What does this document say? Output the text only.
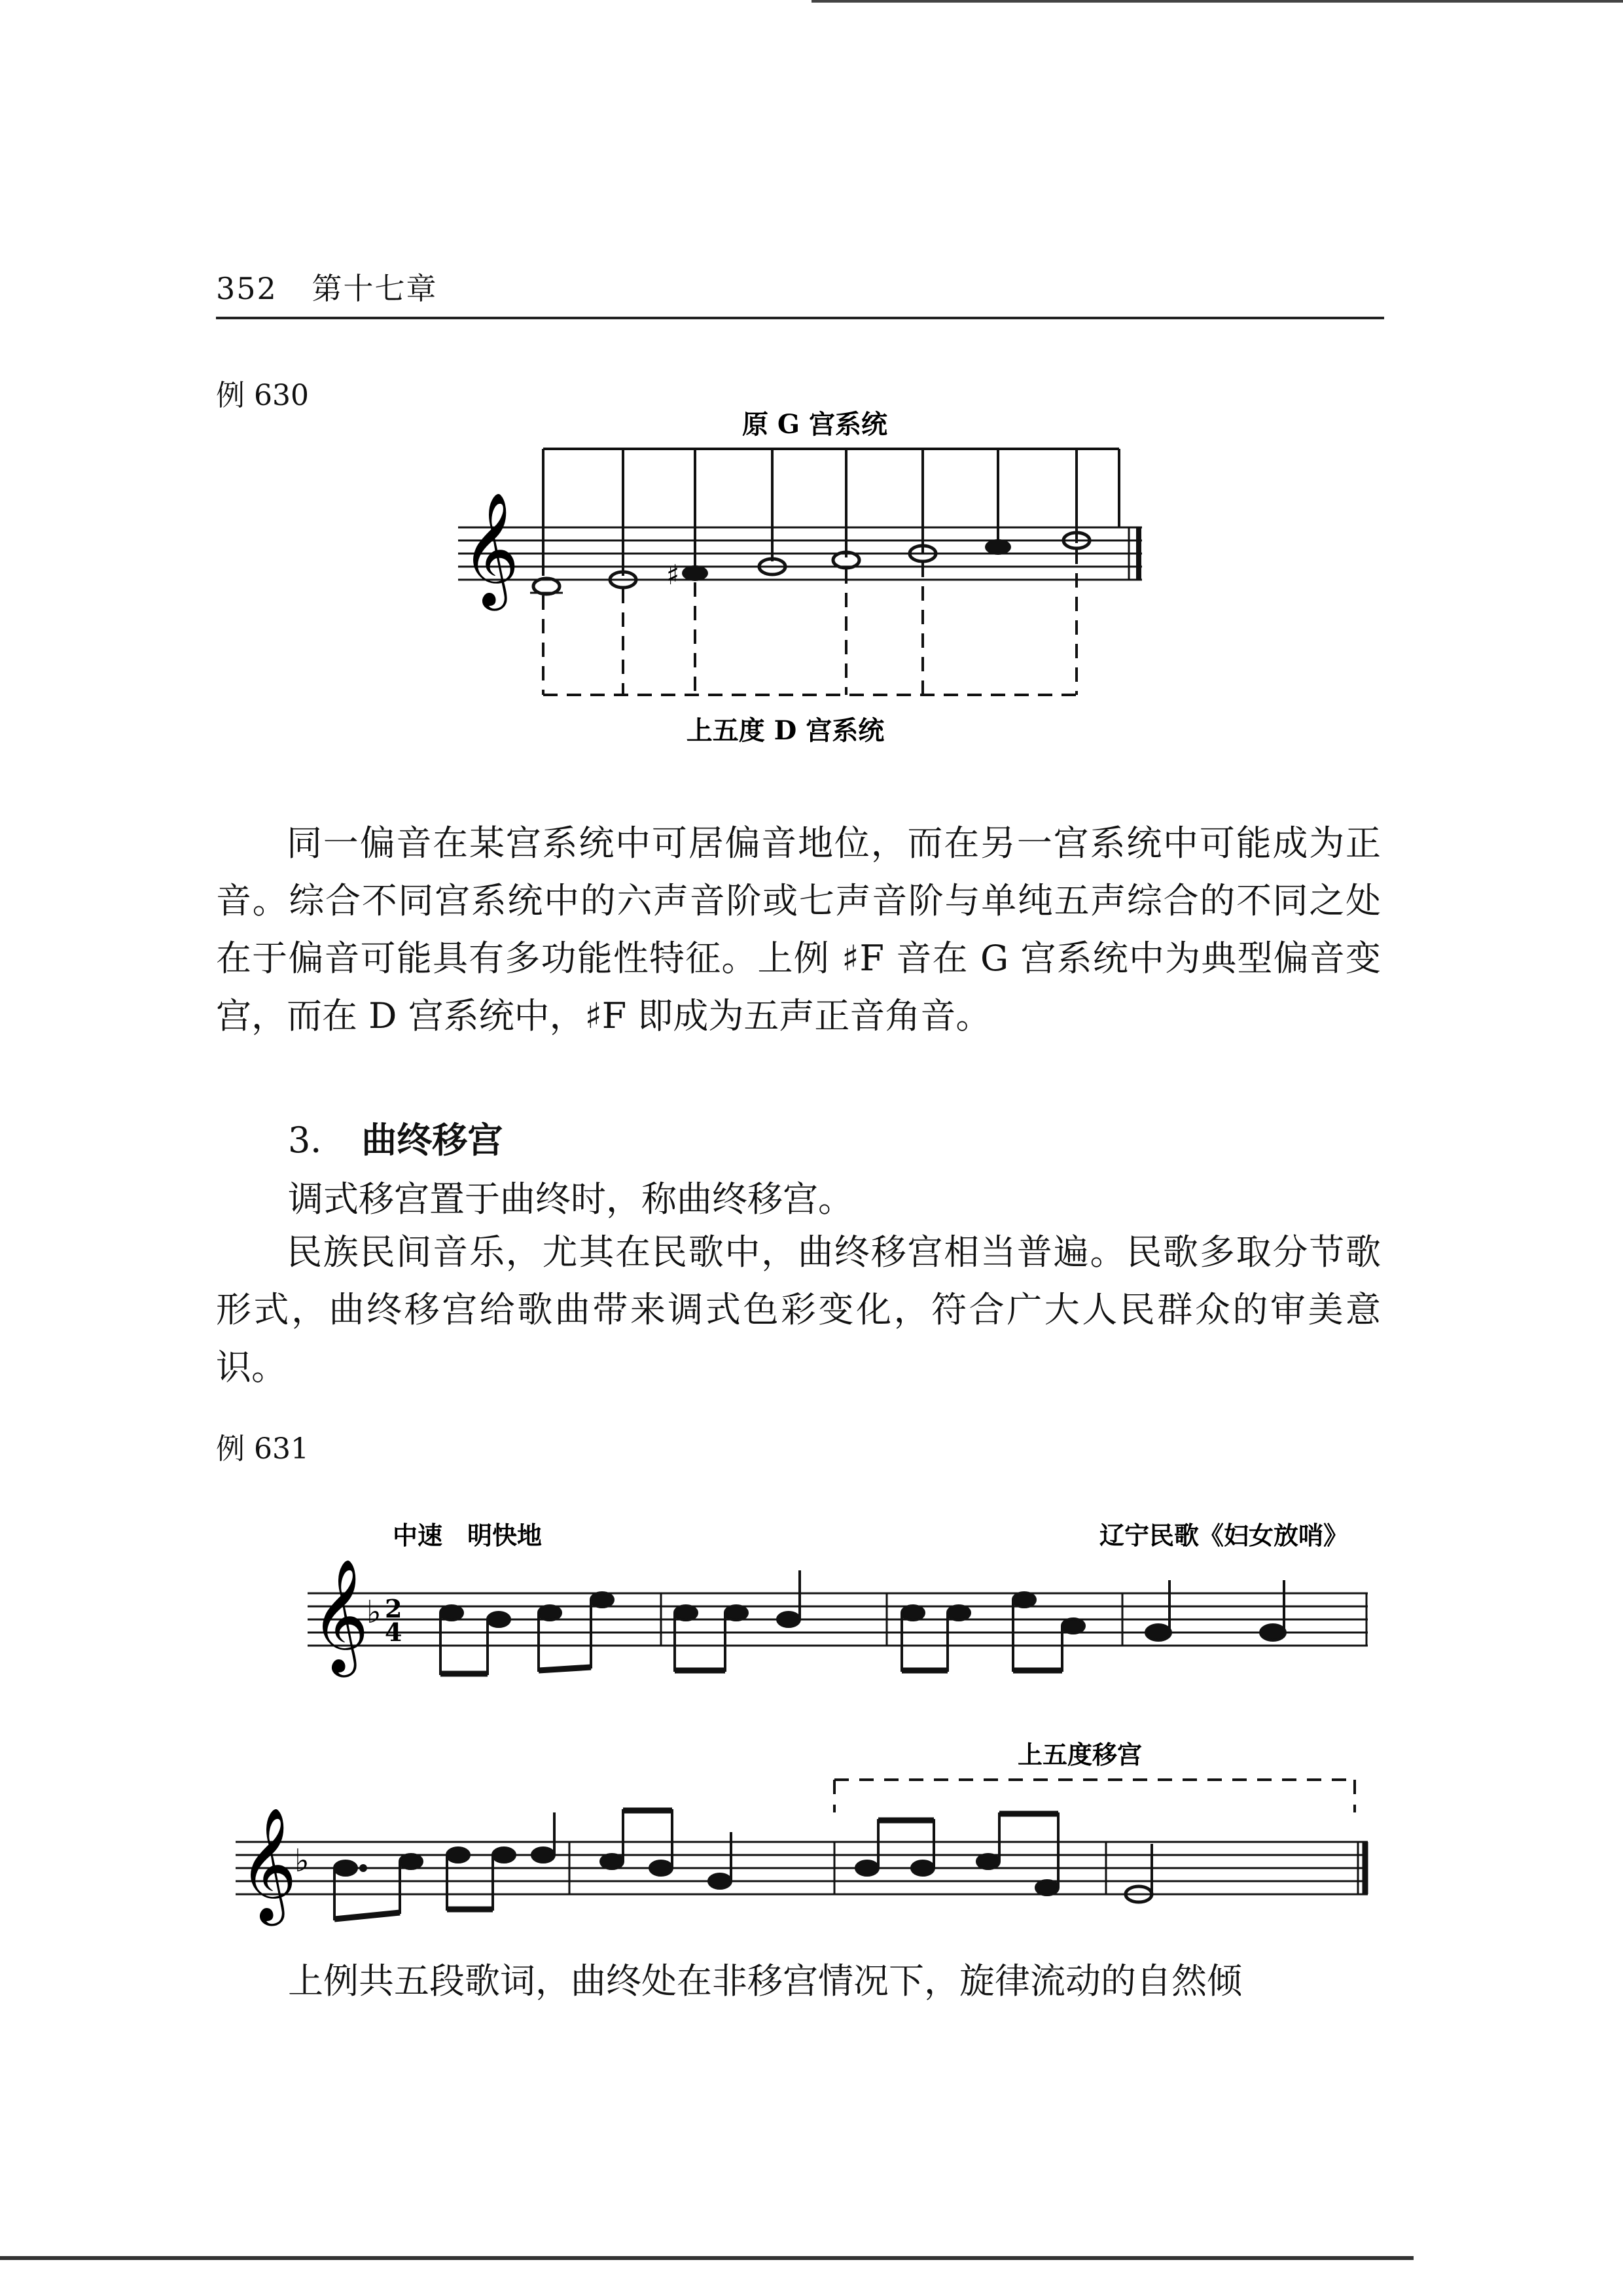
352 第十七章
例 630
原 G 宫系统
𝄞	♯
上五度 D 宫系统

同一偏音在某宫系统中可居偏音地位，而在另一宫系统中可能成为正音。综合不同宫系统中的六声音阶或七声音阶与单纯五声综合的不同之处在于偏音可能具有多功能性特征。上例 ♯F 音在 G 宫系统中为典型偏音变宫，而在 D 宫系统中，♯F 即成为五声正音角音。

3． 曲终移宫
调式移宫置于曲终时，称曲终移宫。

民族民间音乐，尤其在民歌中，曲终移宫相当普遍。民歌多取分节歌形式，曲终移宫给歌曲带来调式色彩变化，符合广大人民群众的审美意识。

例 631
中速　明快地	辽宁民歌《妇女放哨》
𝄞
♭ 2
4
上五度移宫
𝄞
♭
上例共五段歌词，曲终处在非移宫情况下，旋律流动的自然倾
